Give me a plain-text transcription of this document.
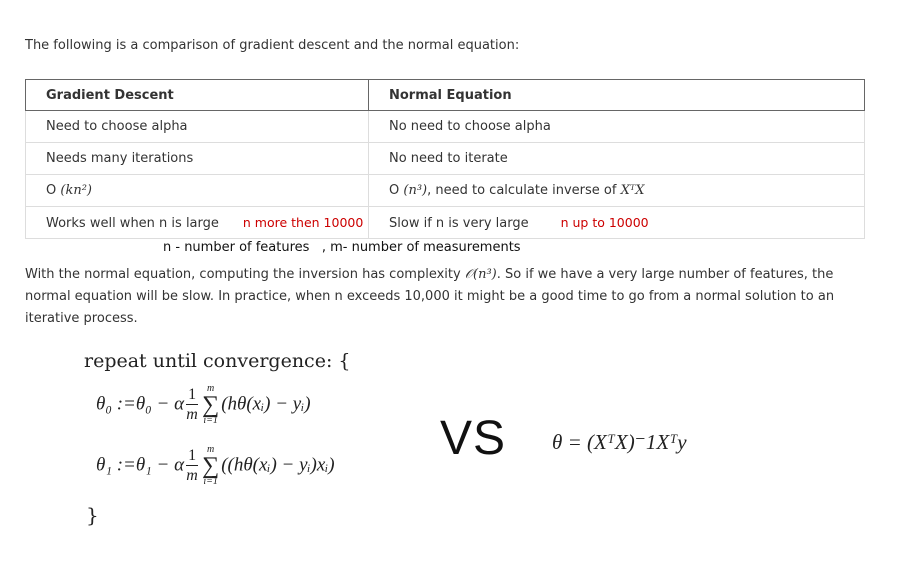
The following is a comparison of gradient descent and the normal equation:
Gradient Descent	Normal Equation
Need to choose alpha	No need to choose alpha
Needs many iterations	No need to iterate
O (kn²)	O (n³), need to calculate inverse of XᵀX
Works well when n is large n more then 10000	Slow if n is very large n up to 10000
n - number of features   , m- number of measurements
With the normal equation, computing the inversion has complexity 𝒪(n³). So if we have a very large number of features, the normal equation will be slow. In practice, when n exceeds 10,000 it might be a good time to go from a normal solution to an iterative process.
repeat until convergence: {
θ₀ :=θ₀ − α $\frac{1}{m}$ m
∑
i=1
(hθ(xᵢ) − yᵢ)
θ₁ :=θ₁ − α $\frac{1}{m}$ m
∑
i=1
((hθ(xᵢ) − yᵢ)xᵢ)
}
VS θ = (XᵀX)⁻1Xᵀy
